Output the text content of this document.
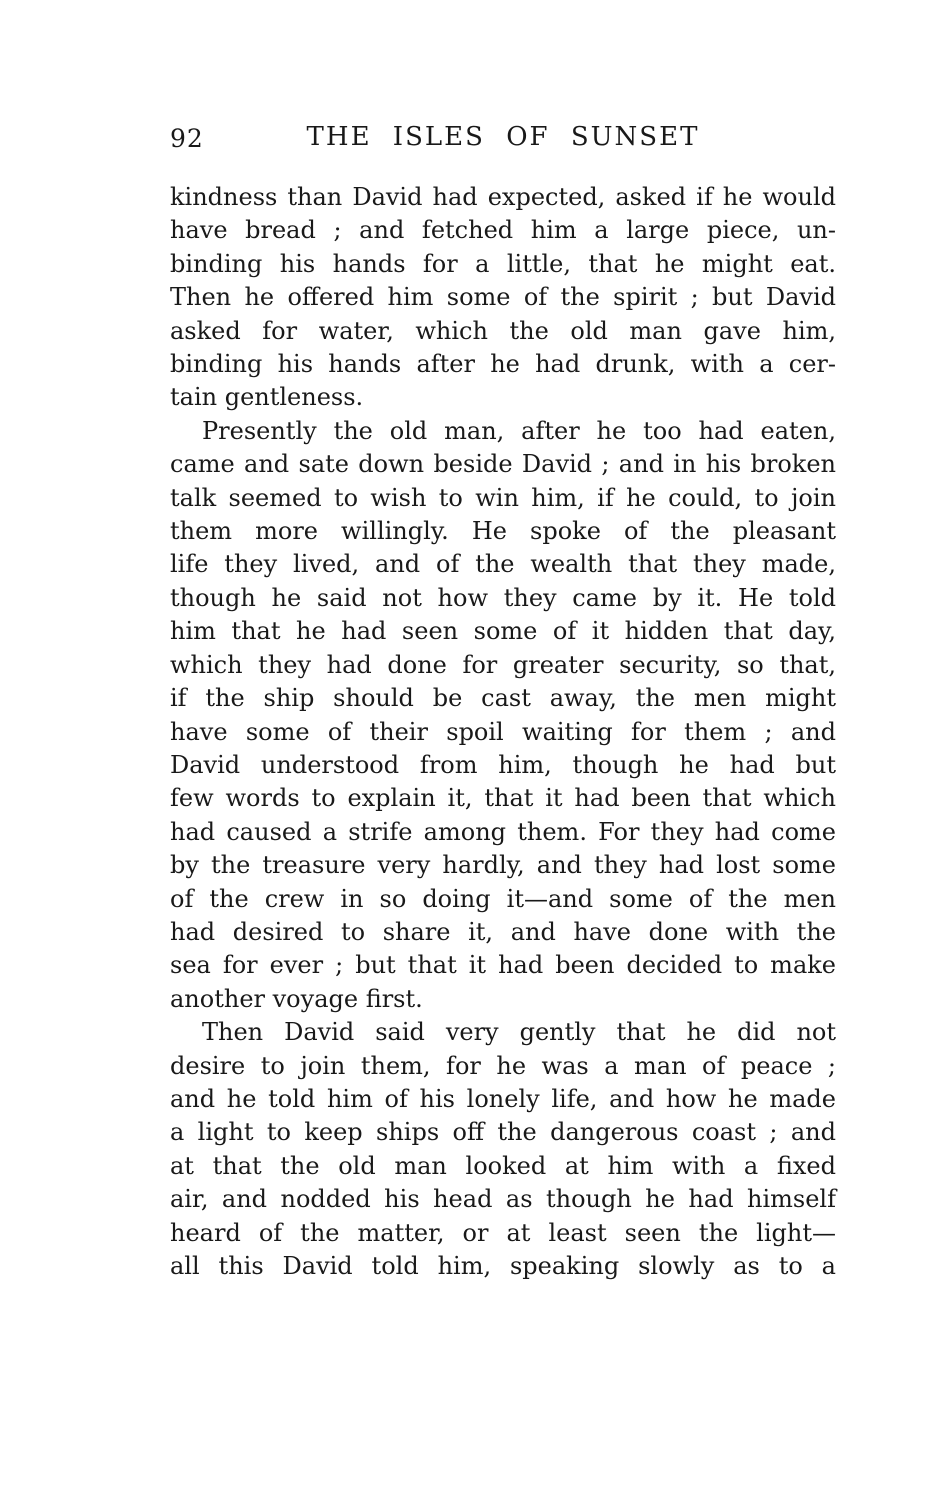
92	THE ISLES OF SUNSET
kindness than David had expected, asked if he would
have bread ; and fetched him a large piece, un-
binding his hands for a little, that he might eat.
Then he offered him some of the spirit ; but David
asked for water, which the old man gave him,
binding his hands after he had drunk, with a cer-
tain gentleness.
Presently the old man, after he too had eaten,
came and sate down beside David ; and in his broken
talk seemed to wish to win him, if he could, to join
them more willingly. He spoke of the pleasant
life they lived, and of the wealth that they made,
though he said not how they came by it. He told
him that he had seen some of it hidden that day,
which they had done for greater security, so that,
if the ship should be cast away, the men might
have some of their spoil waiting for them ; and
David understood from him, though he had but
few words to explain it, that it had been that which
had caused a strife among them. For they had come
by the treasure very hardly, and they had lost some
of the crew in so doing it—and some of the men
had desired to share it, and have done with the
sea for ever ; but that it had been decided to make
another voyage first.
Then David said very gently that he did not
desire to join them, for he was a man of peace ;
and he told him of his lonely life, and how he made
a light to keep ships off the dangerous coast ; and
at that the old man looked at him with a fixed
air, and nodded his head as though he had himself
heard of the matter, or at least seen the light—
all this David told him, speaking slowly as to a
